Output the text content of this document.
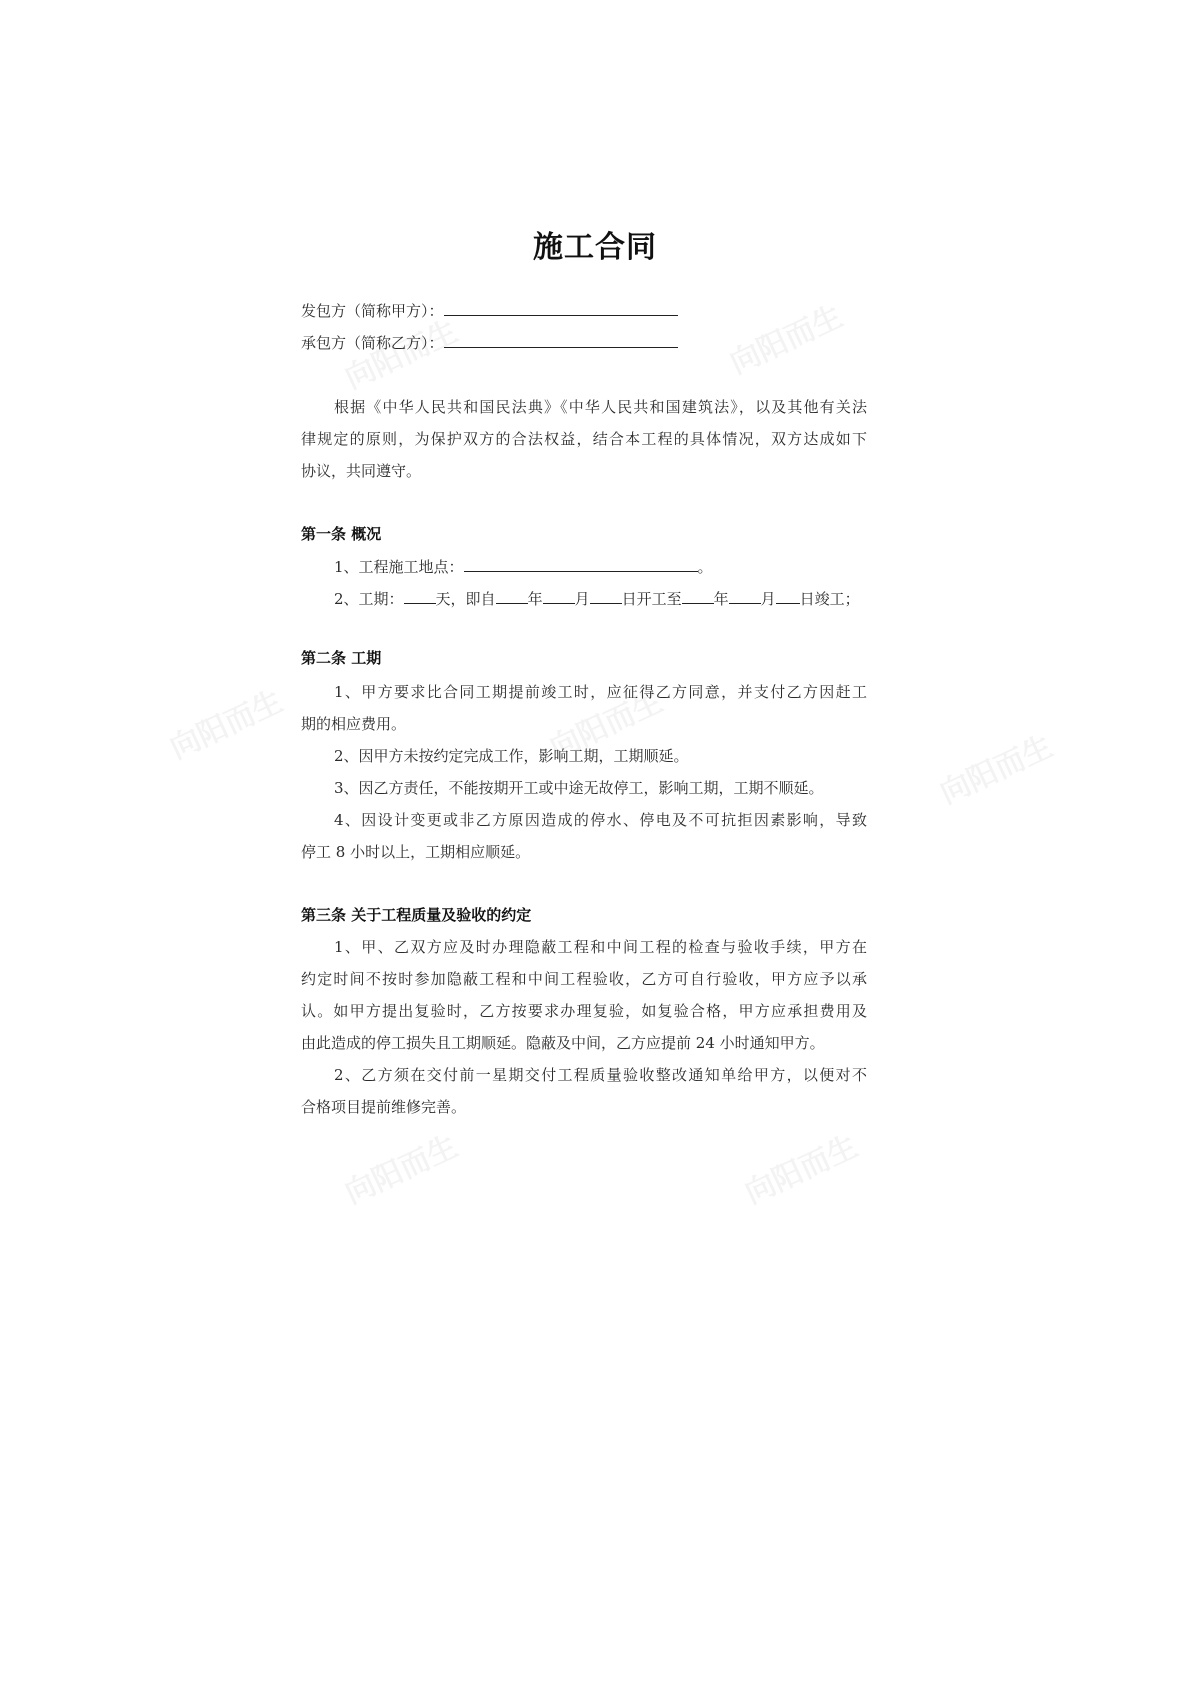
施工合同
发包方（简称甲方）：
承包方（简称乙方）：
根据《中华人民共和国民法典》《中华人民共和国建筑法》，以及其他有关法
律规定的原则，为保护双方的合法权益，结合本工程的具体情况，双方达成如下
协议，共同遵守。
第一条 概况
1、工程施工地点：	。
2、工期： 天，即自 年 月 日开工至 年 月 日竣工；
第二条 工期
1、甲方要求比合同工期提前竣工时，应征得乙方同意，并支付乙方因赶工
期的相应费用。
2、因甲方未按约定完成工作，影响工期，工期顺延。
3、因乙方责任，不能按期开工或中途无故停工，影响工期，工期不顺延。
4、因设计变更或非乙方原因造成的停水、停电及不可抗拒因素影响，导致
停工 8 小时以上，工期相应顺延。
第三条 关于工程质量及验收的约定
1、甲、乙双方应及时办理隐蔽工程和中间工程的检查与验收手续，甲方在
约定时间不按时参加隐蔽工程和中间工程验收，乙方可自行验收，甲方应予以承
认。如甲方提出复验时，乙方按要求办理复验，如复验合格，甲方应承担费用及
由此造成的停工损失且工期顺延。隐蔽及中间，乙方应提前 24 小时通知甲方。
2、乙方须在交付前一星期交付工程质量验收整改通知单给甲方，以便对不
合格项目提前维修完善。
